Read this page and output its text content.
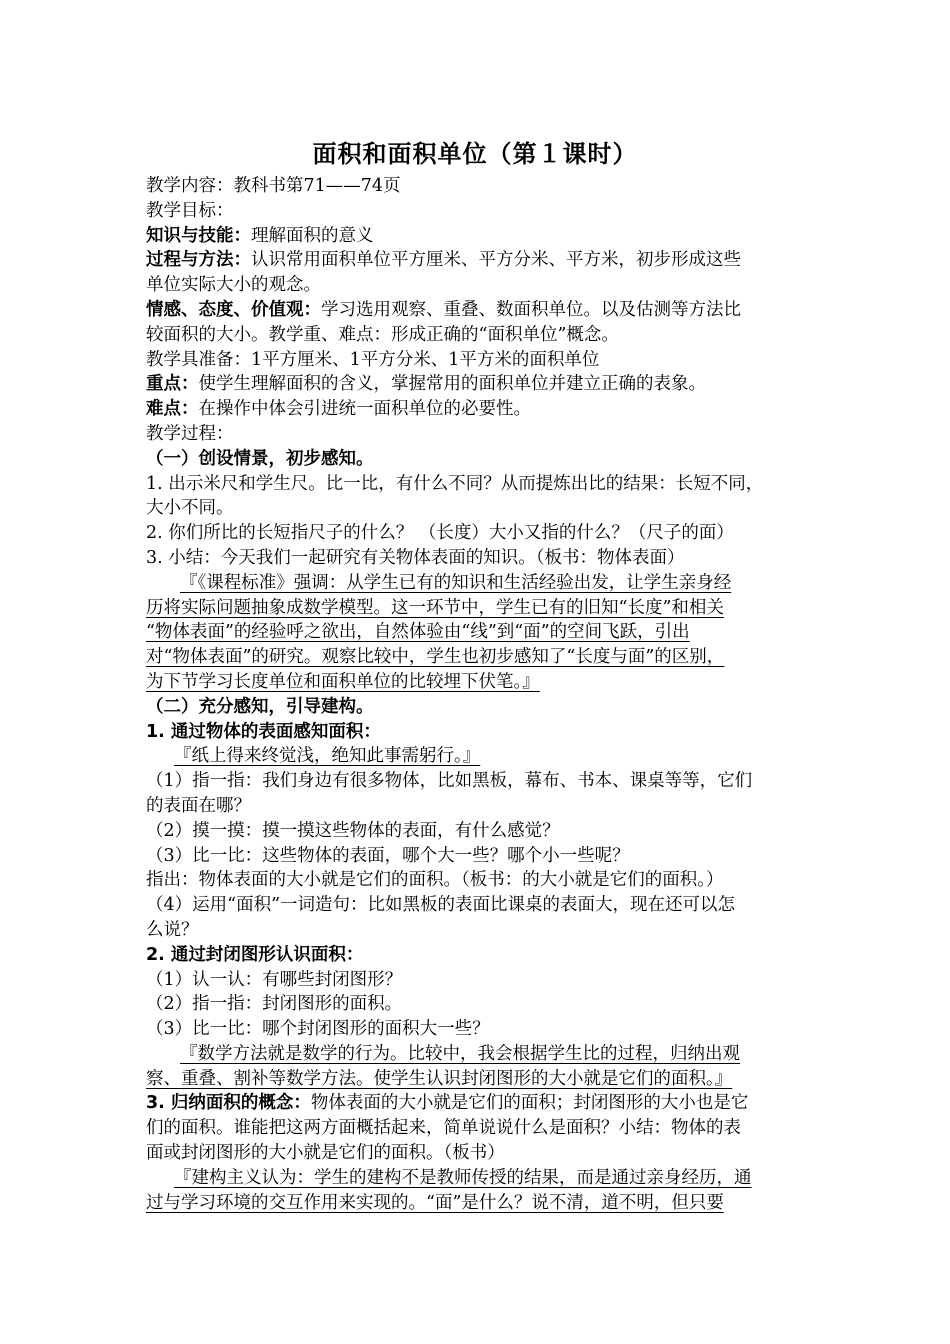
面积和面积单位（第１课时）
教学内容：教科书第71——74页
教学目标：
知识与技能：理解面积的意义
过程与方法：认识常用面积单位平方厘米、平方分米、平方米，初步形成这些
单位实际大小的观念。
情感、态度、价值观：学习选用观察、重叠、数面积单位。以及估测等方法比
较面积的大小。教学重、难点：形成正确的“面积单位”概念。
教学具准备：1平方厘米、1平方分米、1平方米的面积单位
重点：使学生理解面积的含义，掌握常用的面积单位并建立正确的表象。
难点：在操作中体会引进统一面积单位的必要性。
教学过程：
（一）创设情景，初步感知。
1. 出示米尺和学生尺。比一比，有什么不同？从而提炼出比的结果：长短不同，
大小不同。
2. 你们所比的长短指尺子的什么？ （长度）大小又指的什么？（尺子的面）
3. 小结：今天我们一起研究有关物体表面的知识。（板书：物体表面）
『《课程标准》强调：从学生已有的知识和生活经验出发，让学生亲身经
历将实际问题抽象成数学模型。这一环节中，学生已有的旧知“长度”和相关
“物体表面”的经验呼之欲出，自然体验由“线”到“面”的空间飞跃，引出
对“物体表面”的研究。观察比较中，学生也初步感知了“长度与面”的区别，
为下节学习长度单位和面积单位的比较埋下伏笔。』
（二）充分感知，引导建构。
1. 通过物体的表面感知面积：
『纸上得来终觉浅，绝知此事需躬行。』
（1）指一指：我们身边有很多物体，比如黑板，幕布、书本、课桌等等，它们
的表面在哪？
（2）摸一摸：摸一摸这些物体的表面，有什么感觉？
（3）比一比：这些物体的表面，哪个大一些？哪个小一些呢？
指出：物体表面的大小就是它们的面积。（板书：的大小就是它们的面积。）
（4）运用“面积”一词造句：比如黑板的表面比课桌的表面大，现在还可以怎
么说？
2. 通过封闭图形认识面积：
（1）认一认：有哪些封闭图形？
（2）指一指：封闭图形的面积。
（3）比一比：哪个封闭图形的面积大一些？
『数学方法就是数学的行为。比较中，我会根据学生比的过程，归纳出观
察、重叠、割补等数学方法。使学生认识封闭图形的大小就是它们的面积。』
3. 归纳面积的概念：物体表面的大小就是它们的面积；封闭图形的大小也是它
们的面积。谁能把这两方面概括起来，简单说说什么是面积？小结：物体的表
面或封闭图形的大小就是它们的面积。（板书）
『建构主义认为：学生的建构不是教师传授的结果，而是通过亲身经历，通
过与学习环境的交互作用来实现的。“面”是什么？说不清，道不明，但只要
